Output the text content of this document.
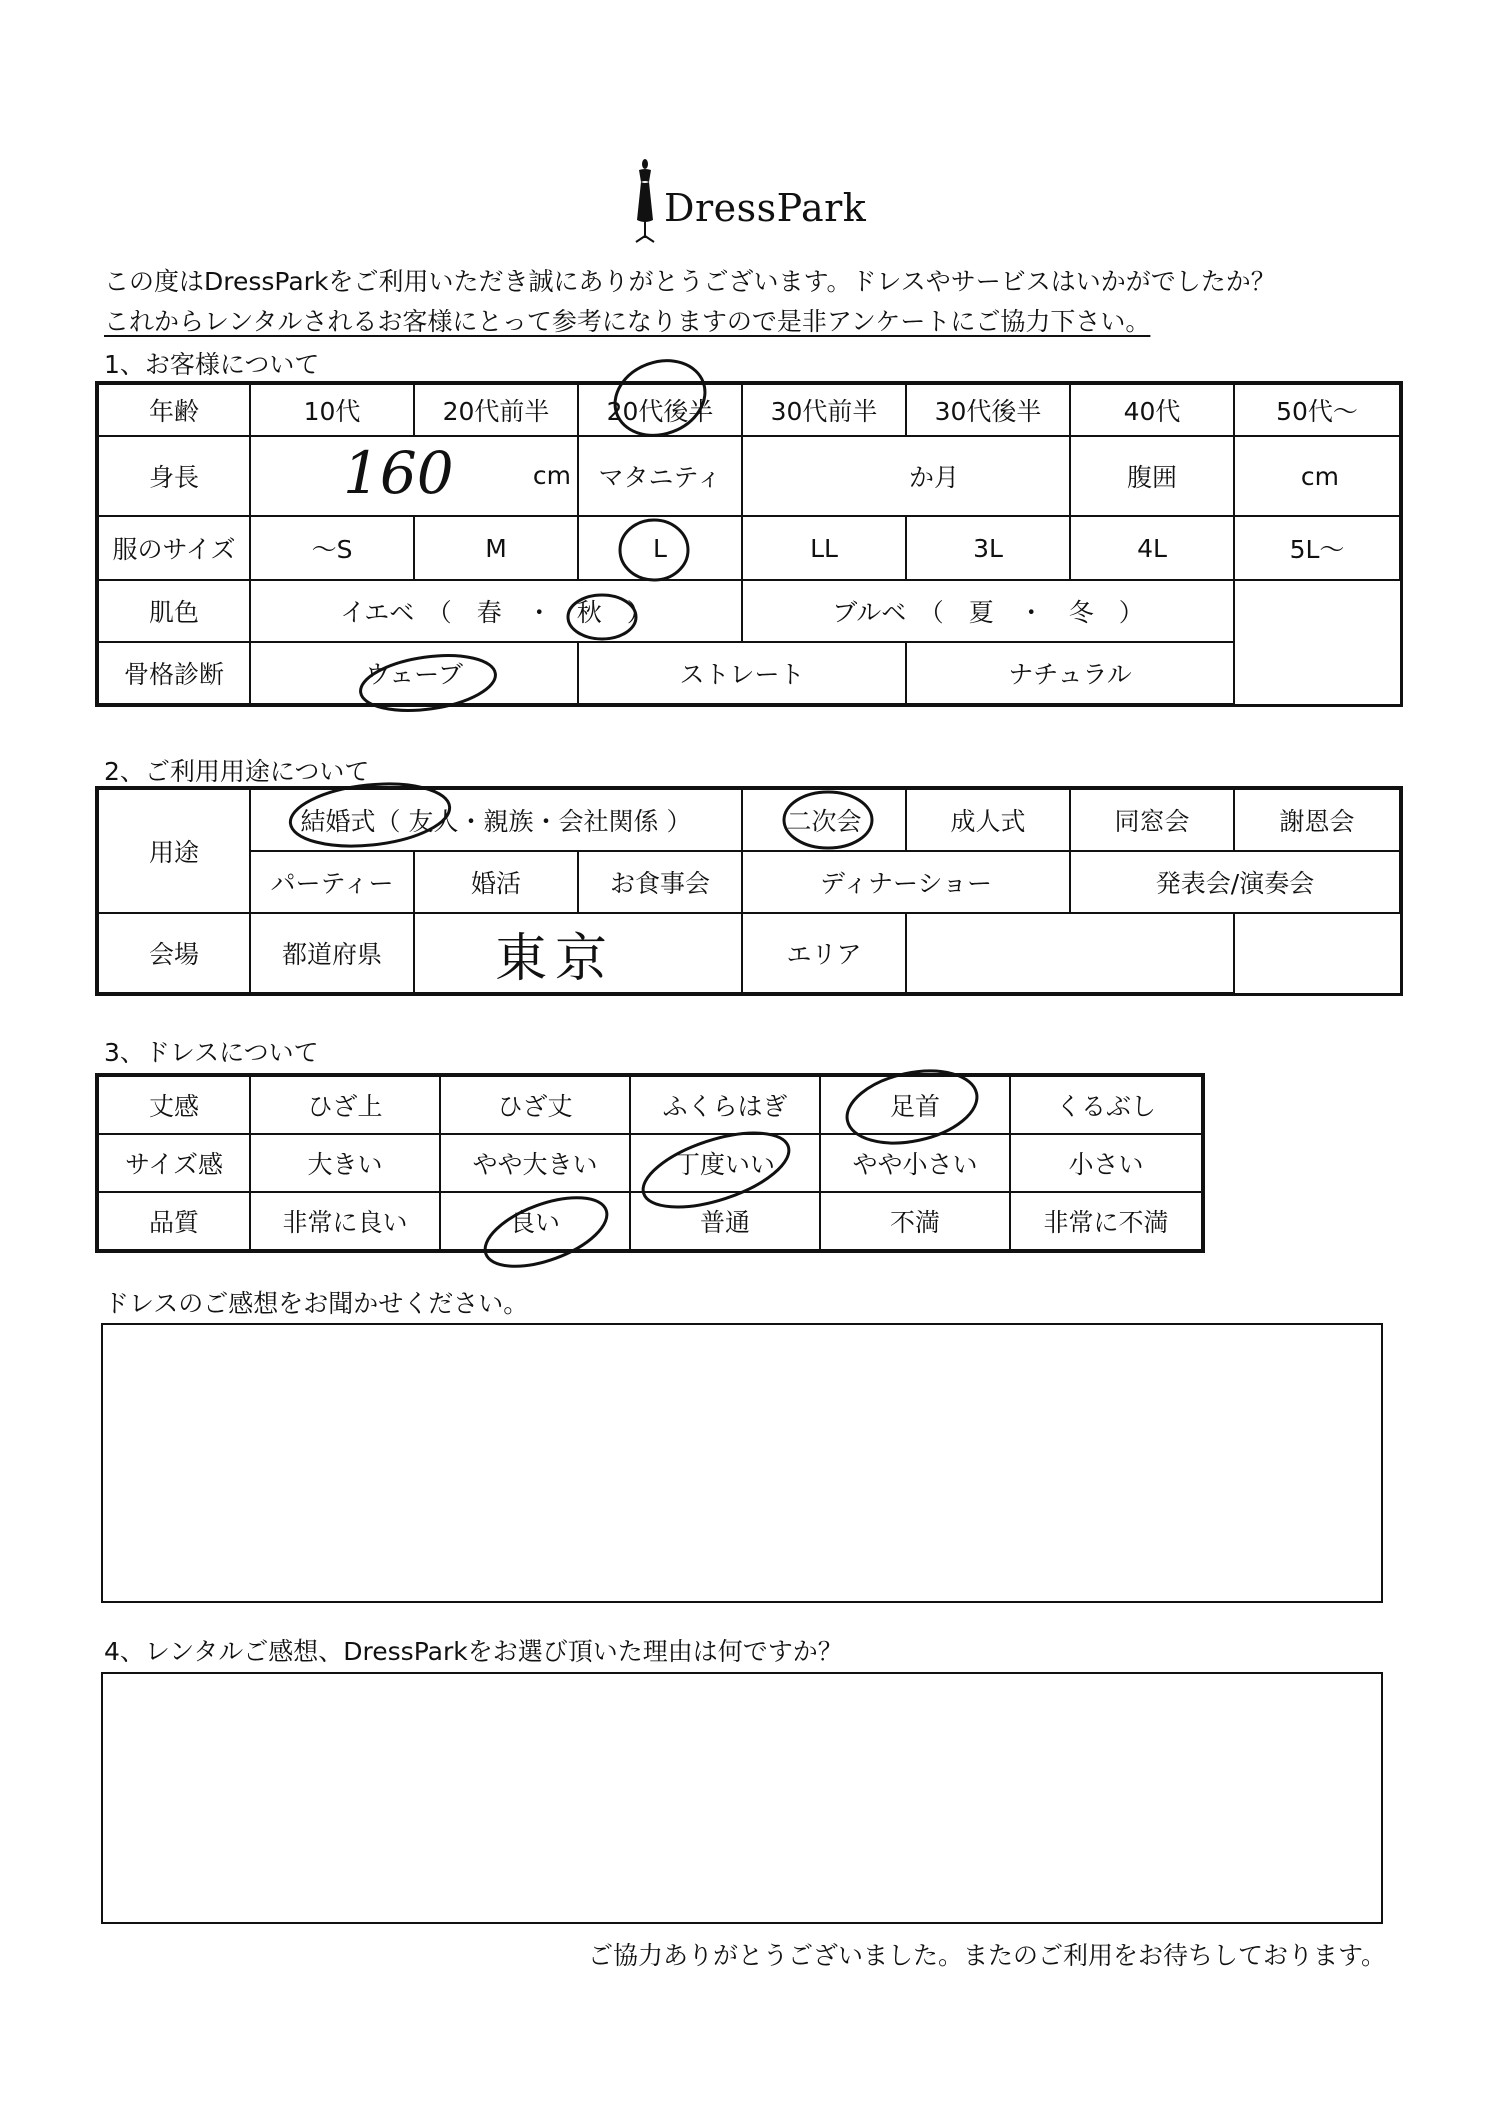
DressPark
この度はDressParkをご利用いただき誠にありがとうございます。ドレスやサービスはいかがでしたか？
これからレンタルされるお客様にとって参考になりますので是非アンケートにご協力下さい。
1、お客様について
年齢	10代	20代前半	20代後半	30代前半	30代後半	40代	50代～
身長	160 cm		マタニティ	か月		腹囲	cm
服のサイズ	～S	M	L	LL	3L	4L	5L～
肌色	イエベ　（　春　・　秋　）			ブルベ　（　夏　・　冬　）			
骨格診断	ウェーブ		ストレート		ナチュラル		
2、ご利用用途について
用途	結婚式（ 友人・親族・会社関係 ）			二次会	成人式	同窓会	謝恩会
	パーティー	婚活	お食事会	ディナーショー		発表会/演奏会	
会場	都道府県	東京		エリア			
3、ドレスについて
丈感	ひざ上	ひざ丈	ふくらはぎ	足首	くるぶし
サイズ感	大きい	やや大きい	丁度いい	やや小さい	小さい
品質	非常に良い	良い	普通	不満	非常に不満
ドレスのご感想をお聞かせください。
4、レンタルご感想、DressParkをお選び頂いた理由は何ですか？
ご協力ありがとうございました。またのご利用をお待ちしております。
